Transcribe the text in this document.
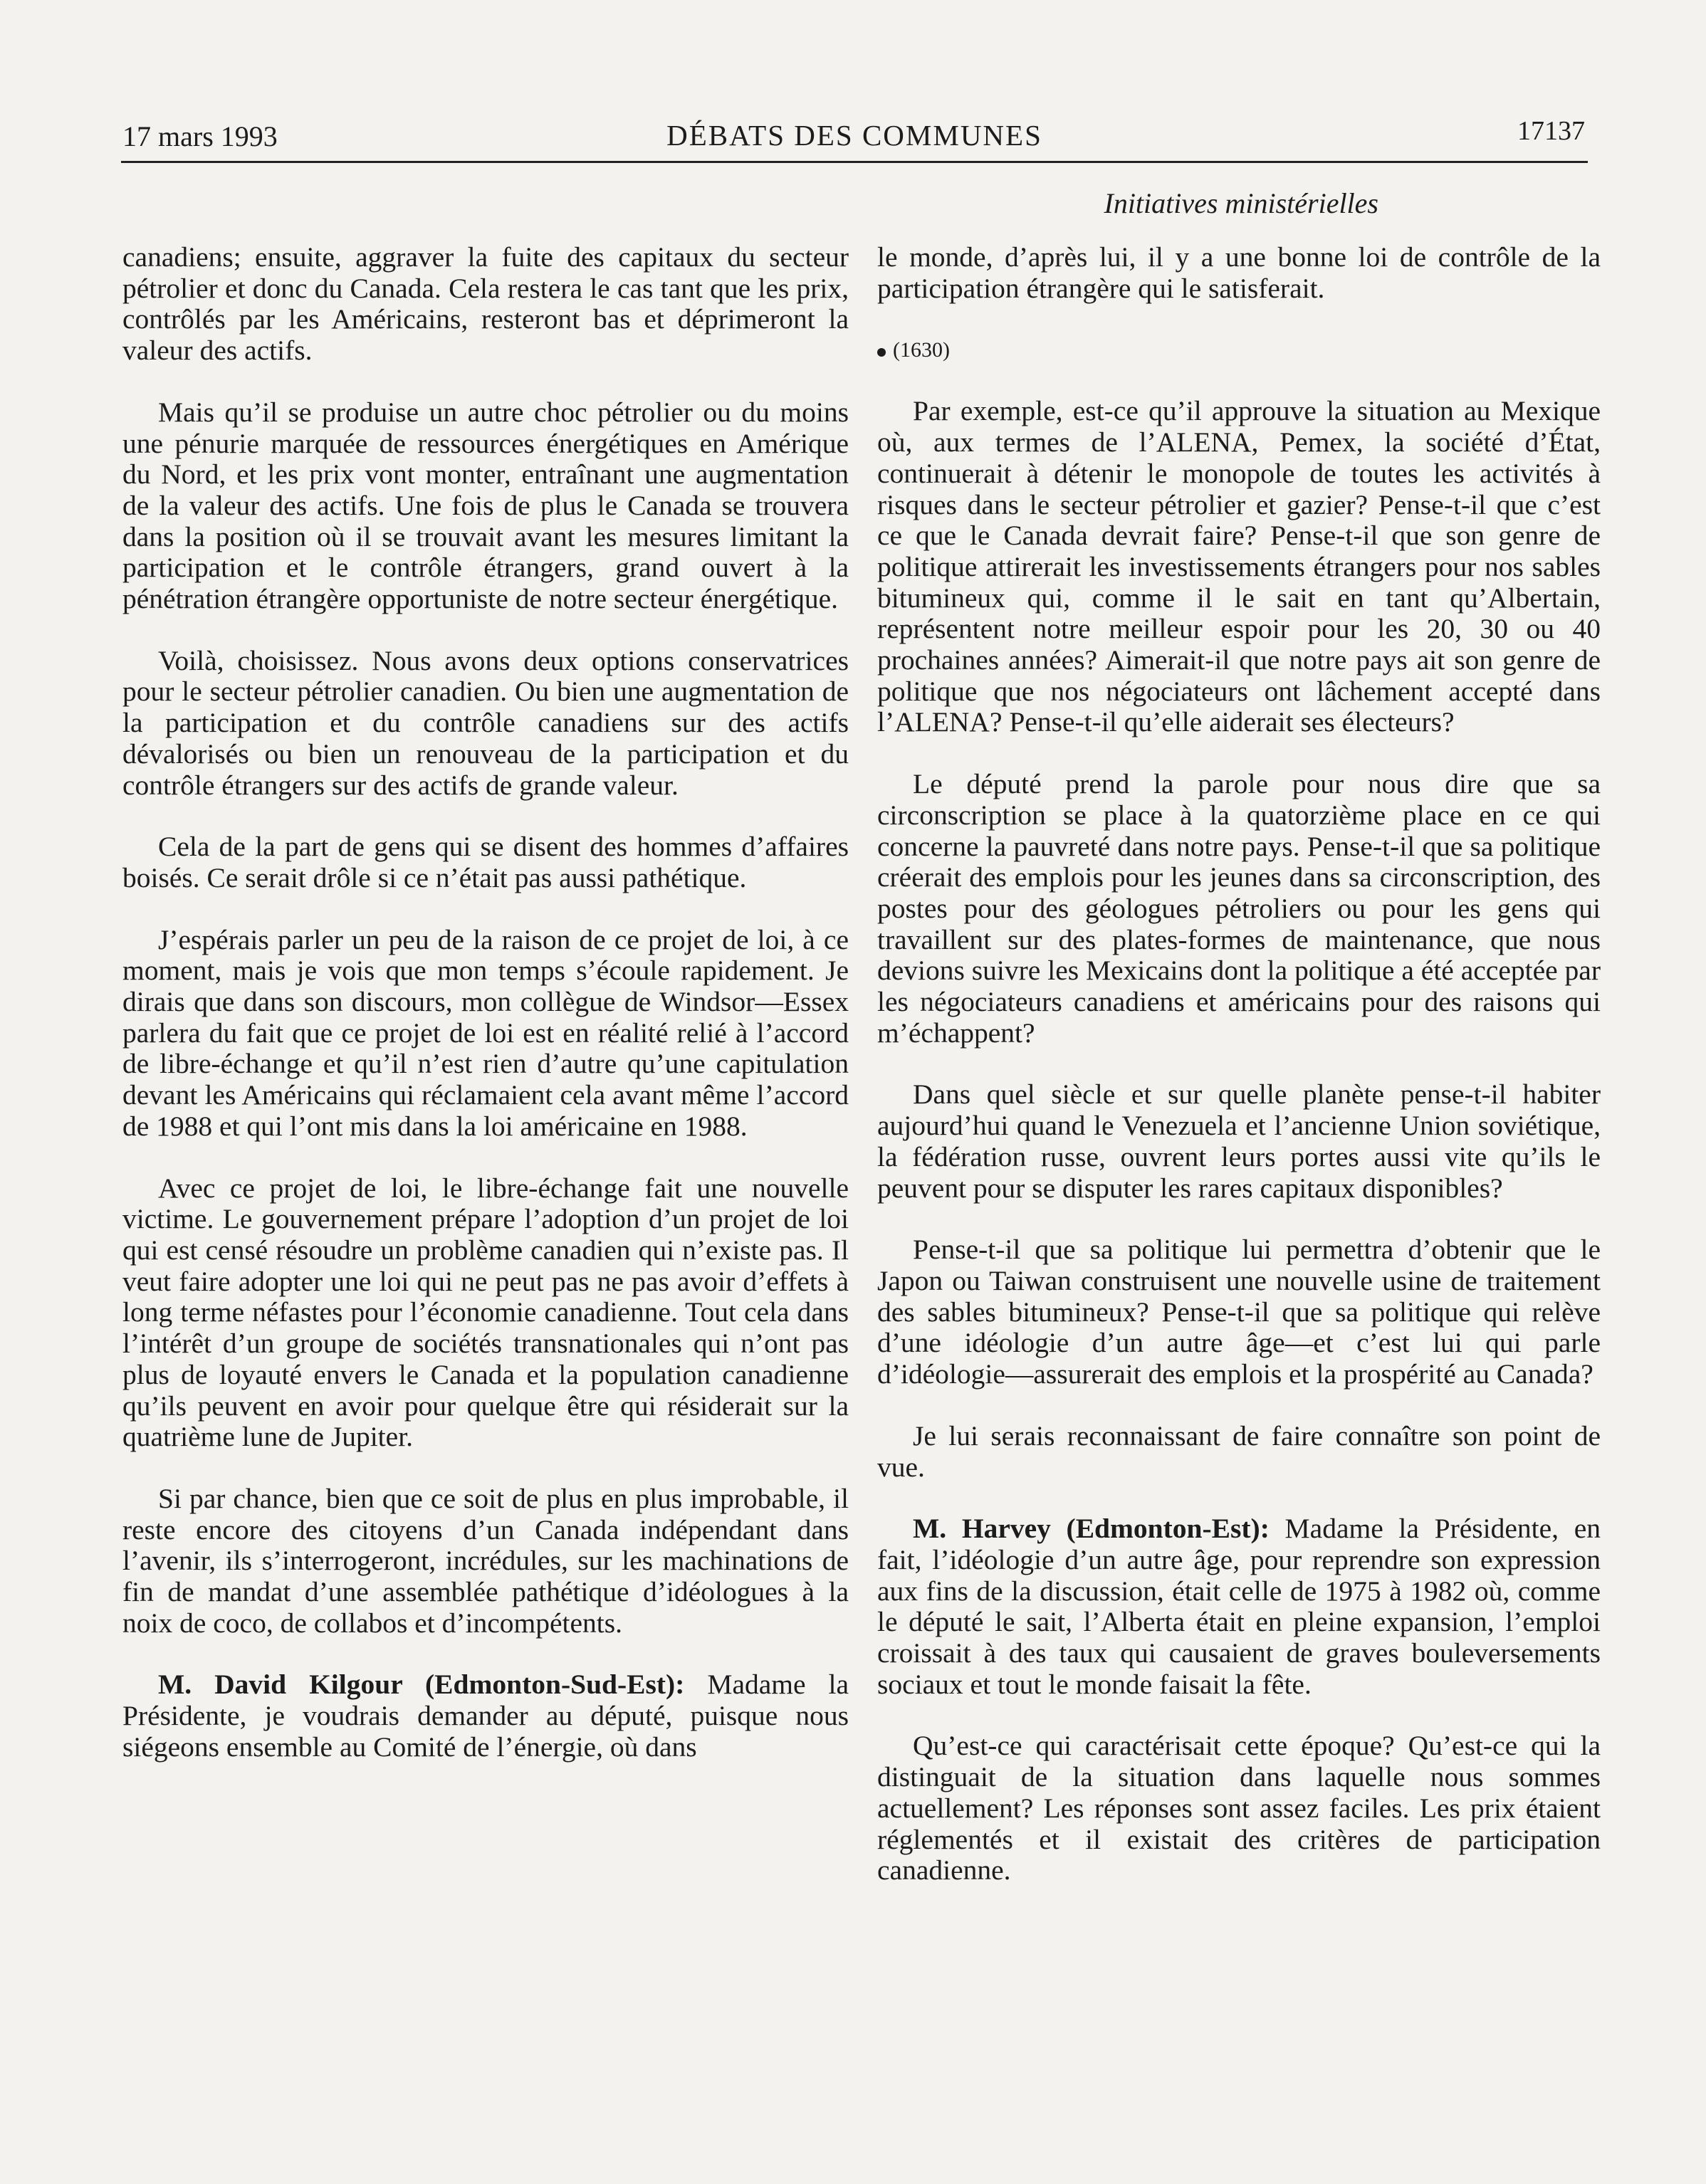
17 mars 1993	DÉBATS DES COMMUNES	17137
Initiatives ministérielles

canadiens; ensuite, aggraver la fuite des capitaux du secteur pétrolier et donc du Canada. Cela restera le cas tant que les prix, contrôlés par les Américains, resteront bas et déprimeront la valeur des actifs.

Mais qu’il se produise un autre choc pétrolier ou du moins une pénurie marquée de ressources énergétiques en Amérique du Nord, et les prix vont monter, entraînant une augmentation de la valeur des actifs. Une fois de plus le Canada se trouvera dans la position où il se trouvait avant les mesures limitant la participation et le contrôle étrangers, grand ouvert à la pénétration étrangère opportuniste de notre secteur énergétique.

Voilà, choisissez. Nous avons deux options conservatrices pour le secteur pétrolier canadien. Ou bien une augmentation de la participation et du contrôle canadiens sur des actifs dévalorisés ou bien un renouveau de la participation et du contrôle étrangers sur des actifs de grande valeur.

Cela de la part de gens qui se disent des hommes d’affaires boisés. Ce serait drôle si ce n’était pas aussi pathétique.

J’espérais parler un peu de la raison de ce projet de loi, à ce moment, mais je vois que mon temps s’écoule rapidement. Je dirais que dans son discours, mon collègue de Windsor—Essex parlera du fait que ce projet de loi est en réalité relié à l’accord de libre-échange et qu’il n’est rien d’autre qu’une capitulation devant les Américains qui réclamaient cela avant même l’accord de 1988 et qui l’ont mis dans la loi américaine en 1988.

Avec ce projet de loi, le libre-échange fait une nouvelle victime. Le gouvernement prépare l’adoption d’un projet de loi qui est censé résoudre un problème canadien qui n’existe pas. Il veut faire adopter une loi qui ne peut pas ne pas avoir d’effets à long terme néfastes pour l’économie canadienne. Tout cela dans l’intérêt d’un groupe de sociétés transnationales qui n’ont pas plus de loyauté envers le Canada et la population canadienne qu’ils peuvent en avoir pour quelque être qui résiderait sur la quatrième lune de Jupiter.

Si par chance, bien que ce soit de plus en plus improbable, il reste encore des citoyens d’un Canada indépendant dans l’avenir, ils s’interrogeront, incrédules, sur les machinations de fin de mandat d’une assemblée pathétique d’idéologues à la noix de coco, de collabos et d’incompétents.

M. David Kilgour (Edmonton-Sud-Est): Madame la Présidente, je voudrais demander au député, puisque nous siégeons ensemble au Comité de l’énergie, où dans

le monde, d’après lui, il y a une bonne loi de contrôle de la participation étrangère qui le satisferait.

(1630)

Par exemple, est-ce qu’il approuve la situation au Mexique où, aux termes de l’ALENA, Pemex, la société d’État, continuerait à détenir le monopole de toutes les activités à risques dans le secteur pétrolier et gazier? Pense-t-il que c’est ce que le Canada devrait faire? Pense-t-il que son genre de politique attirerait les investissements étrangers pour nos sables bitumineux qui, comme il le sait en tant qu’Albertain, représentent notre meilleur espoir pour les 20, 30 ou 40 prochaines années? Aimerait-il que notre pays ait son genre de politique que nos négociateurs ont lâchement accepté dans l’ALENA? Pense-t-il qu’elle aiderait ses électeurs?

Le député prend la parole pour nous dire que sa circonscription se place à la quatorzième place en ce qui concerne la pauvreté dans notre pays. Pense-t-il que sa politique créerait des emplois pour les jeunes dans sa circonscription, des postes pour des géologues pétroliers ou pour les gens qui travaillent sur des plates-formes de maintenance, que nous devions suivre les Mexicains dont la politique a été acceptée par les négociateurs canadiens et américains pour des raisons qui m’échappent?

Dans quel siècle et sur quelle planète pense-t-il habiter aujourd’hui quand le Venezuela et l’ancienne Union soviétique, la fédération russe, ouvrent leurs portes aussi vite qu’ils le peuvent pour se disputer les rares capitaux disponibles?

Pense-t-il que sa politique lui permettra d’obtenir que le Japon ou Taiwan construisent une nouvelle usine de traitement des sables bitumineux? Pense-t-il que sa politique qui relève d’une idéologie d’un autre âge—et c’est lui qui parle d’idéologie—assurerait des emplois et la prospérité au Canada?

Je lui serais reconnaissant de faire connaître son point de vue.

M. Harvey (Edmonton-Est): Madame la Présidente, en fait, l’idéologie d’un autre âge, pour reprendre son expression aux fins de la discussion, était celle de 1975 à 1982 où, comme le député le sait, l’Alberta était en pleine expansion, l’emploi croissait à des taux qui causaient de graves bouleversements sociaux et tout le monde faisait la fête.

Qu’est-ce qui caractérisait cette époque? Qu’est-ce qui la distinguait de la situation dans laquelle nous sommes actuellement? Les réponses sont assez faciles. Les prix étaient réglementés et il existait des critères de participation canadienne.
